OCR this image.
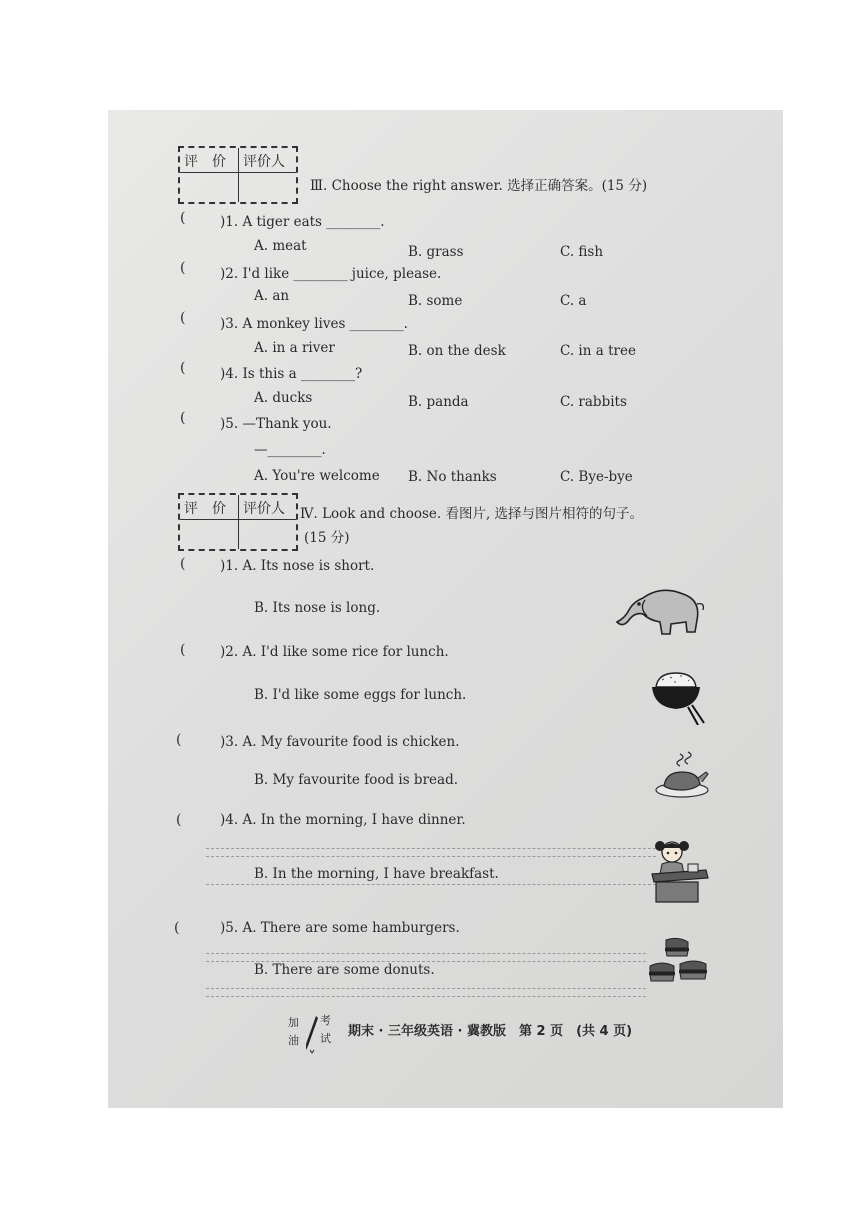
评　价 评价人
Ⅲ. Choose the right answer. 选择正确答案。(15 分)
(	)1. A tiger eats ________.
A. meat	B. grass	C. fish
(	)2. I'd like ________ juice, please.
A. an	B. some	C. a
(	)3. A monkey lives ________.
A. in a river	B. on the desk	C. in a tree
(	)4. Is this a ________?
A. ducks	B. panda	C. rabbits
(	)5. —Thank you.
—________.
A. You're welcome B. No thanks	C. Bye-bye
评　价 评价人 Ⅳ. Look and choose. 看图片, 选择与图片相符的句子。
(15 分)
(	)1. A. Its nose is short.
B. Its nose is long.
(	)2. A. I'd like some rice for lunch.
B. I'd like some eggs for lunch.
(	)3. A. My favourite food is chicken.
B. My favourite food is bread.
(	)4. A. In the morning, I have dinner.
B. In the morning, I have breakfast.
(	)5. A. There are some hamburgers.
B. There are some donuts.
加
油
考
试 期末 · 三年级英语 · 冀教版　第 2 页　(共 4 页)
